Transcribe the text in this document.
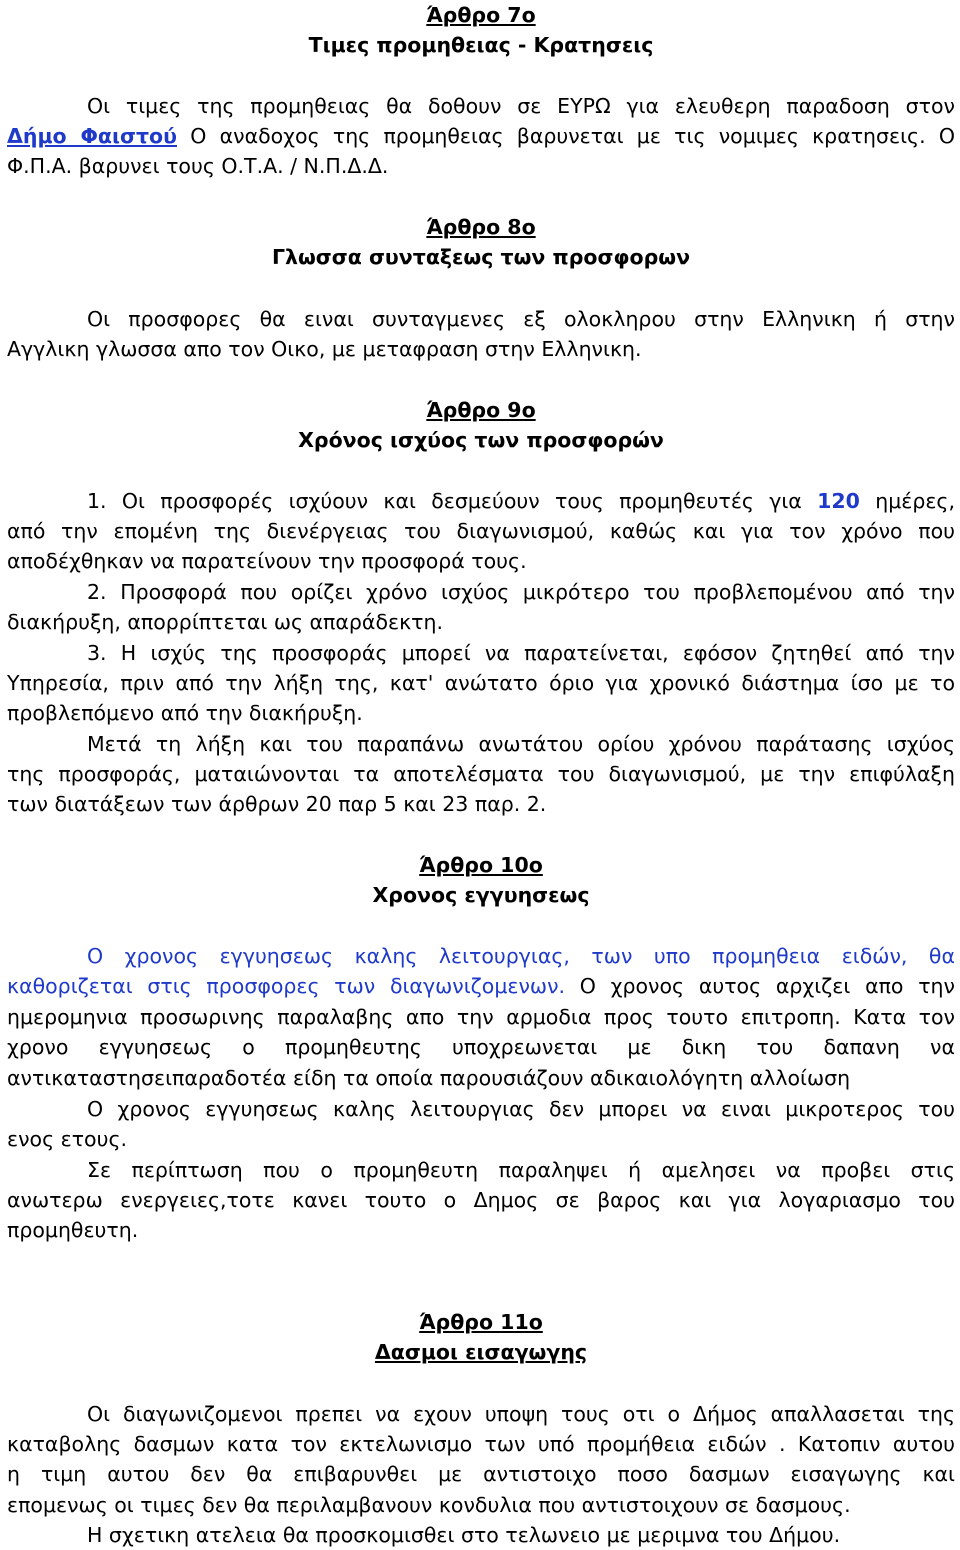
Άρθρο 7ο
Τιμες προμηθειας - Κρατησεις
Οι τιμες της προμηθειας θα δοθουν σε ΕΥΡΩ για ελευθερη παραδοση στον
Δήμο Φαιστού Ο αναδοχος της προμηθειας βαρυνεται με τις νομιμες κρατησεις. Ο
Φ.Π.Α. βαρυνει τους Ο.Τ.Α. / Ν.Π.Δ.Δ.
Άρθρο 8ο
Γλωσσα συνταξεως των προσφορων
Οι προσφορες θα ειναι συνταγμενες εξ ολοκληρου στην Ελληνικη ή στην
Αγγλικη γλωσσα απο τον Οικο, με μεταφραση στην Ελληνικη.
Άρθρο 9ο
Χρόνος ισχύος των προσφορών
1. Οι προσφορές ισχύουν και δεσμεύουν τους προμηθευτές για 120 ημέρες,
από την επομένη της διενέργειας του διαγωνισμού, καθώς και για τον χρόνο που
αποδέχθηκαν να παρατείνουν την προσφορά τους.
2. Προσφορά που ορίζει χρόνο ισχύος μικρότερο του προβλεπομένου από την
διακήρυξη, απορρίπτεται ως απαράδεκτη.
3. Η ισχύς της προσφοράς μπορεί να παρατείνεται, εφόσον ζητηθεί από την
Υπηρεσία, πριν από την λήξη της, κατ' ανώτατο όριο για χρονικό διάστημα ίσο με το
προβλεπόμενο από την διακήρυξη.
Μετά τη λήξη και του παραπάνω ανωτάτου ορίου χρόνου παράτασης ισχύος
της προσφοράς, ματαιώνονται τα αποτελέσματα του διαγωνισμού, με την επιφύλαξη
των διατάξεων των άρθρων 20 παρ 5 και 23 παρ. 2.
Άρθρο 10ο
Χρονος εγγυησεως
Ο χρονος εγγυησεως καλης λειτουργιας, των υπο προμηθεια ειδών, θα
καθοριζεται στις προσφορες των διαγωνιζομενων. Ο χρονος αυτος αρχιζει απο την
ημερομηνια προσωρινης παραλαβης απο την αρμοδια προς τουτο επιτροπη. Κατα τον
χρονο εγγυησεως ο προμηθευτης υποχρεωνεται με δικη του δαπανη να
αντικαταστησειπαραδοτέα είδη τα οποία παρουσιάζουν αδικαιολόγητη αλλοίωση
Ο χρονος εγγυησεως καλης λειτουργιας δεν μπορει να ειναι μικροτερος του
ενος ετους.
Σε περίπτωση που ο προμηθευτη παραληψει ή αμελησει να προβει στις
ανωτερω ενεργειες,τοτε κανει τουτο ο Δημος σε βαρος και για λογαριασμο του
προμηθευτη.
Άρθρο 11ο
Δασμοι εισαγωγης
Οι διαγωνιζομενοι πρεπει να εχουν υποψη τους οτι ο Δήμος απαλλασεται της
καταβολης δασμων κατα τον εκτελωνισμο των υπό προμήθεια ειδών . Κατοπιν αυτου
η τιμη αυτου δεν θα επιβαρυνθει με αντιστοιχο ποσο δασμων εισαγωγης και
επομενως οι τιμες δεν θα περιλαμβανουν κονδυλια που αντιστοιχουν σε δασμους.
Η σχετικη ατελεια θα προσκομισθει στο τελωνειο με μεριμνα του Δήμου.
